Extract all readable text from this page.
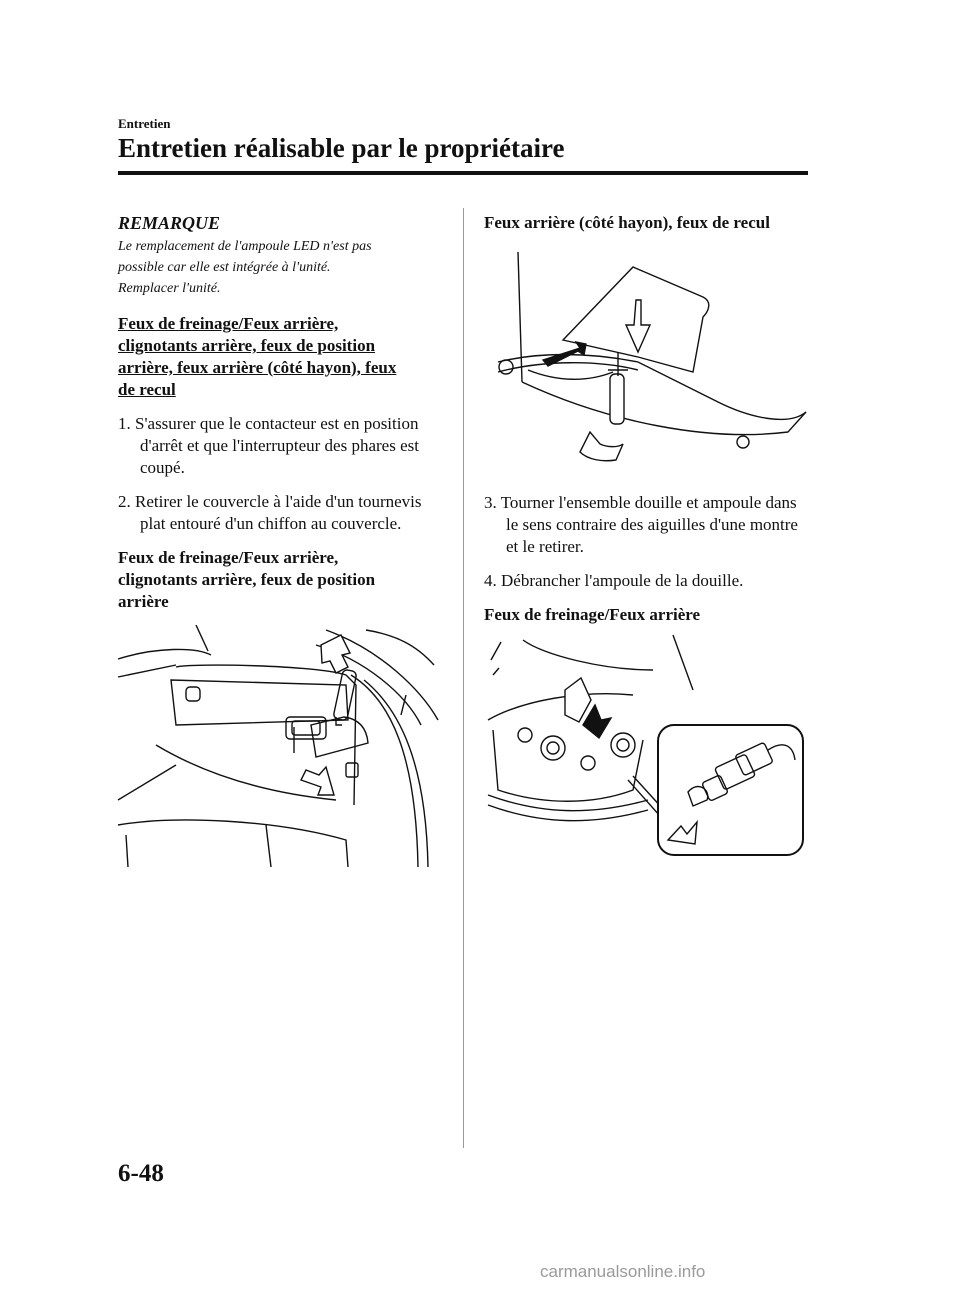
Entretien
Entretien réalisable par le propriétaire

REMARQUE

Le remplacement de l'ampoule LED n'est pas
possible car elle est intégrée à l'unité.
Remplacer l'unité.

Feux de freinage/Feux arrière,
clignotants arrière, feux de position
arrière, feux arrière (côté hayon), feux
de recul

1. S'assurer que le contacteur est en position d'arrêt et que l'interrupteur des phares est coupé.

2. Retirer le couvercle à l'aide d'un tournevis plat entouré d'un chiffon au couvercle.

Feux de freinage/Feux arrière,
clignotants arrière, feux de position
arrière

Feux arrière (côté hayon), feux de recul

3. Tourner l'ensemble douille et ampoule dans le sens contraire des aiguilles d'une montre et le retirer.

4. Débrancher l'ampoule de la douille.

Feux de freinage/Feux arrière

6-48
carmanualsonline.info
